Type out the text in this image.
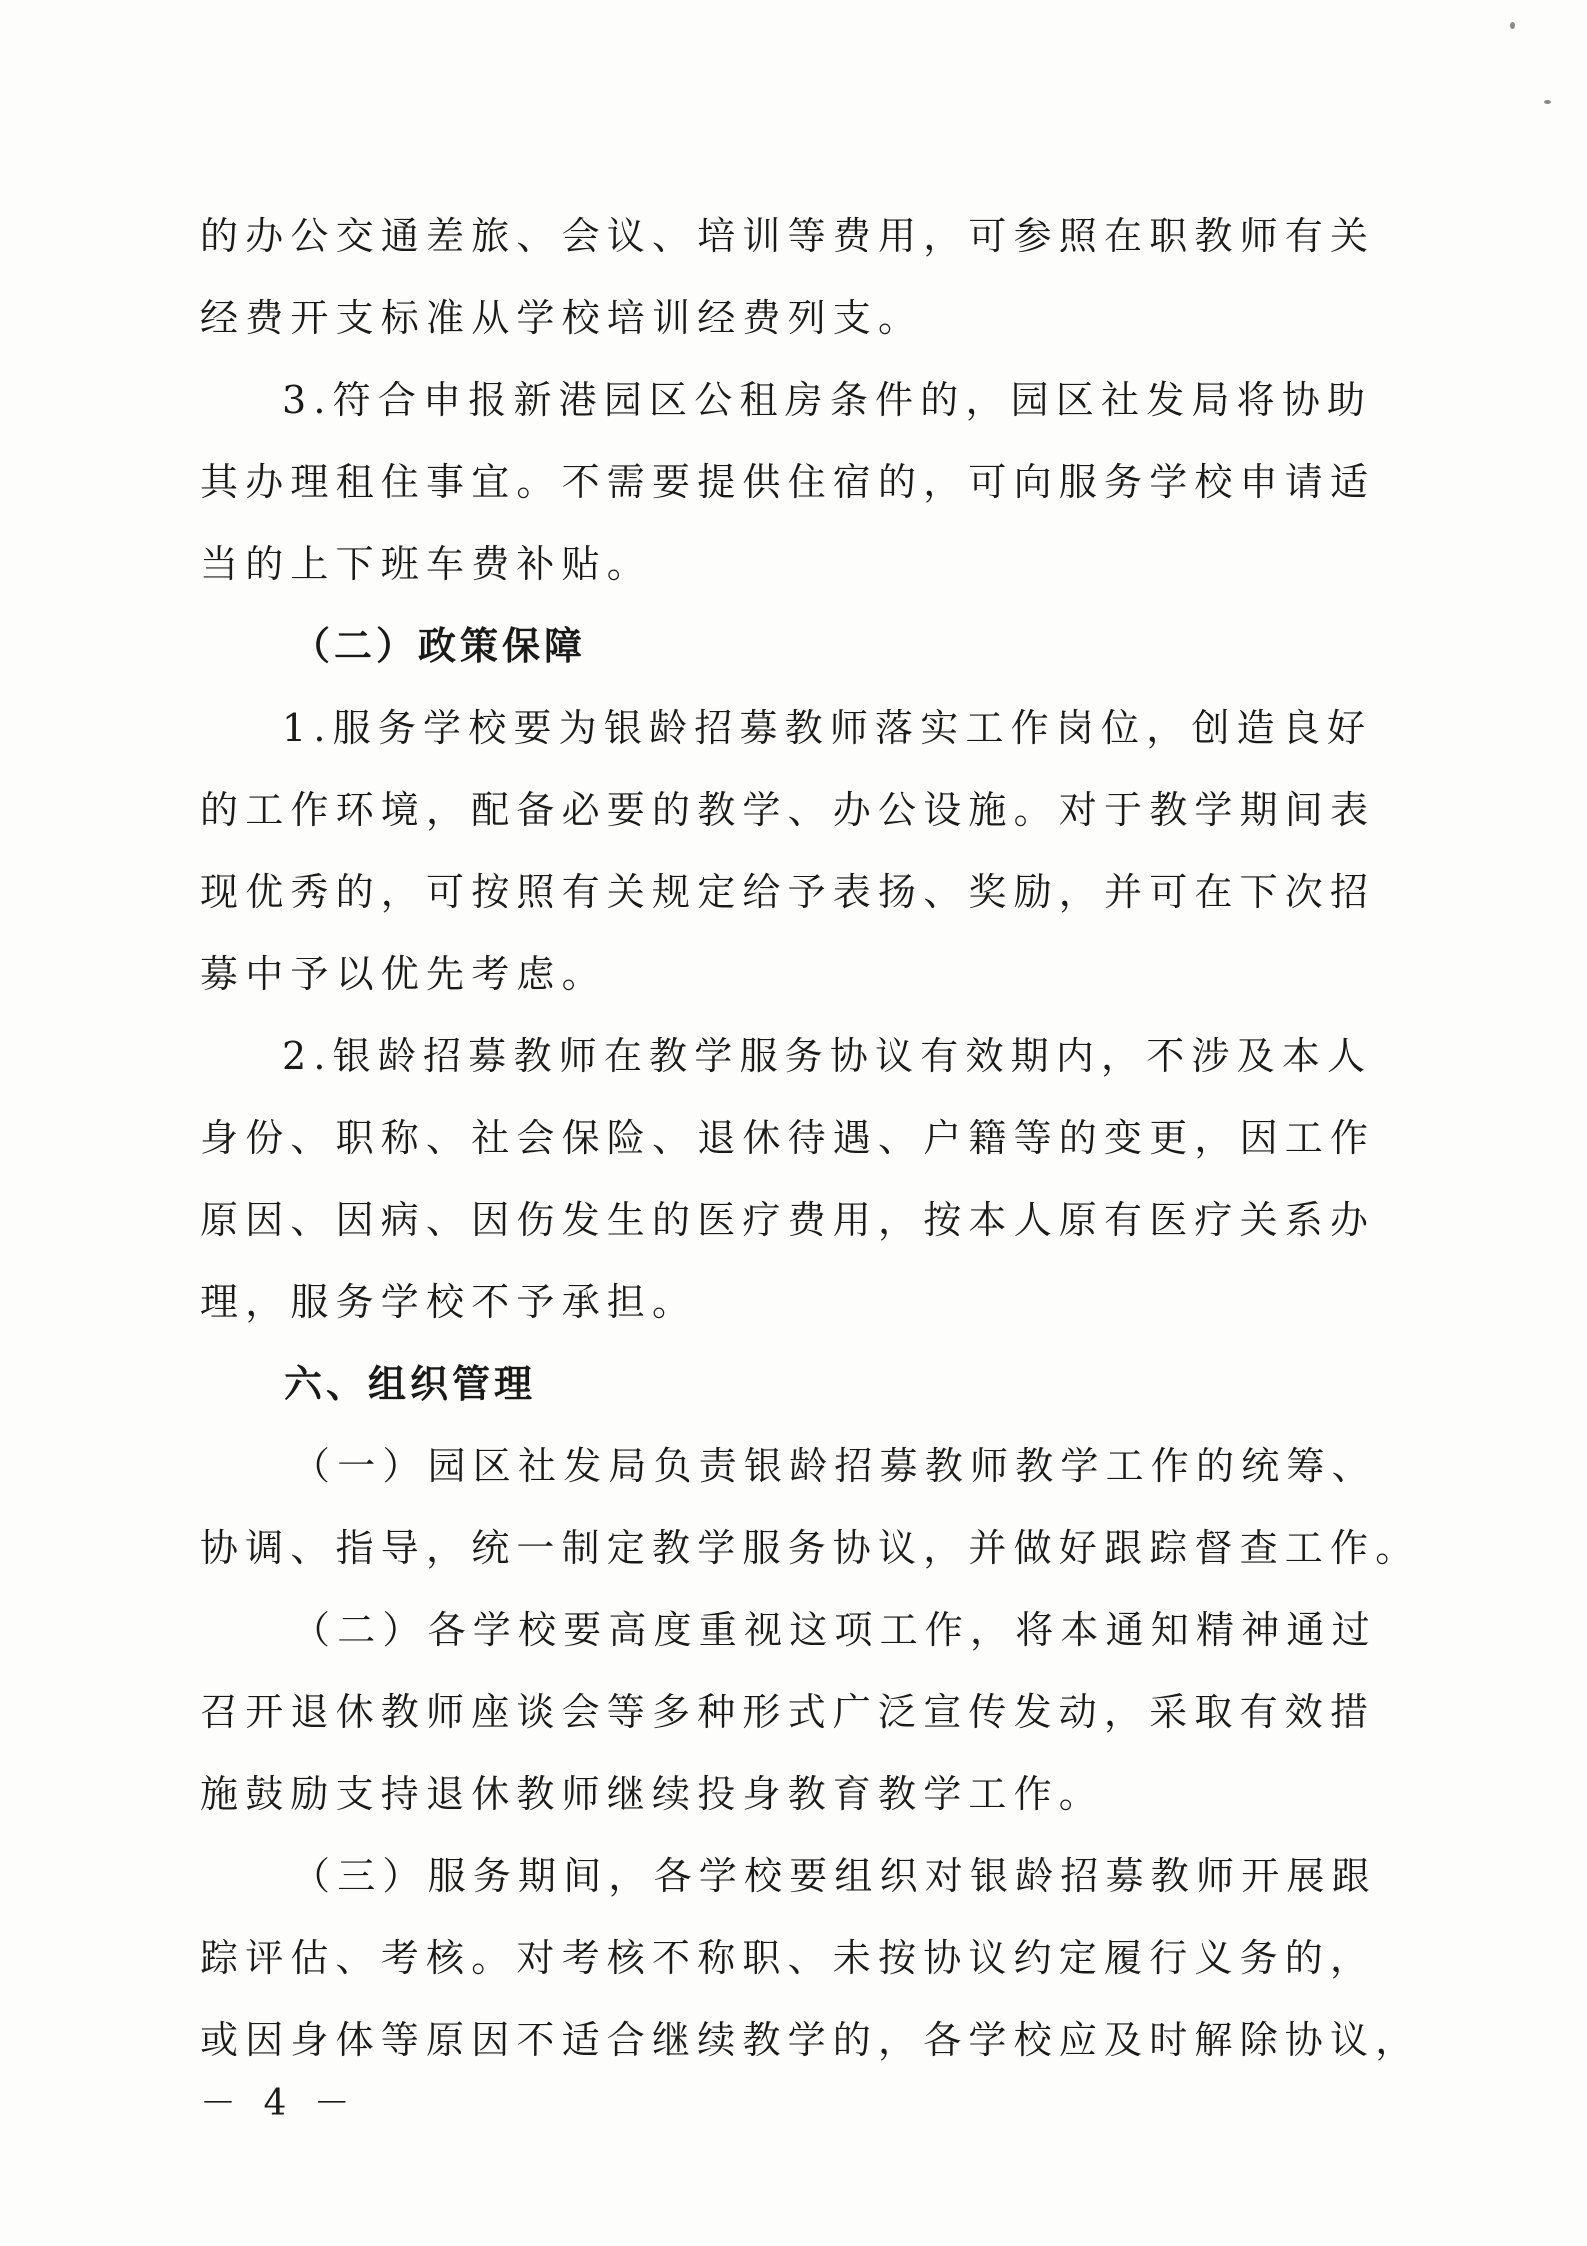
的办公交通差旅、会议、培训等费用，可参照在职教师有关
经费开支标准从学校培训经费列支。
3.符合申报新港园区公租房条件的，园区社发局将协助
其办理租住事宜。不需要提供住宿的，可向服务学校申请适
当的上下班车费补贴。
（二）政策保障
1.服务学校要为银龄招募教师落实工作岗位，创造良好
的工作环境，配备必要的教学、办公设施。对于教学期间表
现优秀的，可按照有关规定给予表扬、奖励，并可在下次招
募中予以优先考虑。
2.银龄招募教师在教学服务协议有效期内，不涉及本人
身份、职称、社会保险、退休待遇、户籍等的变更，因工作
原因、因病、因伤发生的医疗费用，按本人原有医疗关系办
理，服务学校不予承担。
六、组织管理
（一）园区社发局负责银龄招募教师教学工作的统筹、
协调、指导，统一制定教学服务协议，并做好跟踪督查工作。
（二）各学校要高度重视这项工作，将本通知精神通过
召开退休教师座谈会等多种形式广泛宣传发动，采取有效措
施鼓励支持退休教师继续投身教育教学工作。
（三）服务期间，各学校要组织对银龄招募教师开展跟
踪评估、考核。对考核不称职、未按协议约定履行义务的，
或因身体等原因不适合继续教学的，各学校应及时解除协议，
－ 4 －
